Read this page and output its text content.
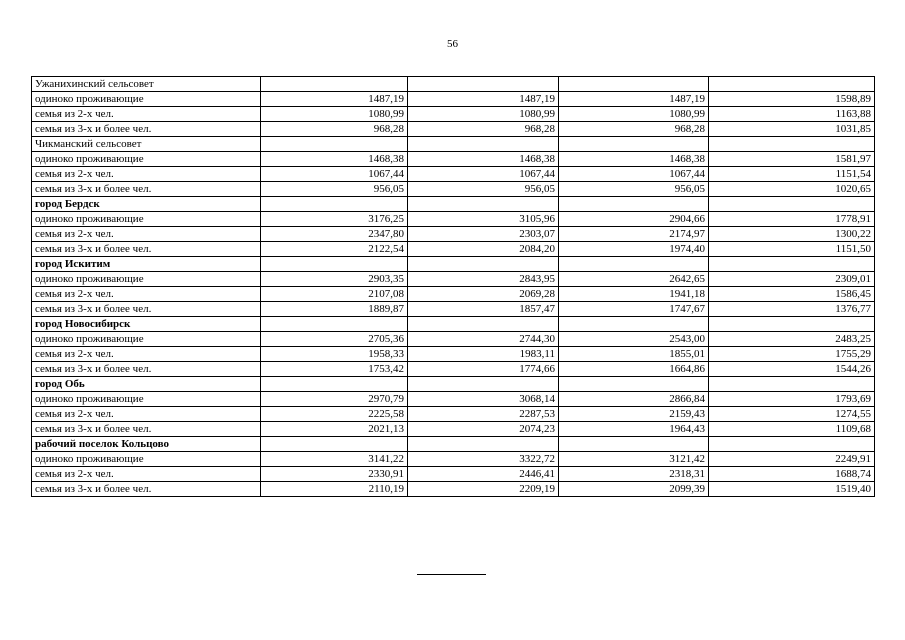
56
Ужанихинский сельсовет				
одиноко проживающие	1487,19	1487,19	1487,19	1598,89
семья из 2-х чел.	1080,99	1080,99	1080,99	1163,88
семья из 3-х и более чел.	968,28	968,28	968,28	1031,85
Чикманский сельсовет				
одиноко проживающие	1468,38	1468,38	1468,38	1581,97
семья из 2-х чел.	1067,44	1067,44	1067,44	1151,54
семья из 3-х и более чел.	956,05	956,05	956,05	1020,65
город Бердск				
одиноко проживающие	3176,25	3105,96	2904,66	1778,91
семья из 2-х чел.	2347,80	2303,07	2174,97	1300,22
семья из 3-х и более чел.	2122,54	2084,20	1974,40	1151,50
город Искитим				
одиноко проживающие	2903,35	2843,95	2642,65	2309,01
семья из 2-х чел.	2107,08	2069,28	1941,18	1586,45
семья из 3-х и более чел.	1889,87	1857,47	1747,67	1376,77
город Новосибирск				
одиноко проживающие	2705,36	2744,30	2543,00	2483,25
семья из 2-х чел.	1958,33	1983,11	1855,01	1755,29
семья из 3-х и более чел.	1753,42	1774,66	1664,86	1544,26
город Обь				
одиноко проживающие	2970,79	3068,14	2866,84	1793,69
семья из 2-х чел.	2225,58	2287,53	2159,43	1274,55
семья из 3-х и более чел.	2021,13	2074,23	1964,43	1109,68
рабочий поселок Кольцово				
одиноко проживающие	3141,22	3322,72	3121,42	2249,91
семья из 2-х чел.	2330,91	2446,41	2318,31	1688,74
семья из 3-х и более чел.	2110,19	2209,19	2099,39	1519,40
